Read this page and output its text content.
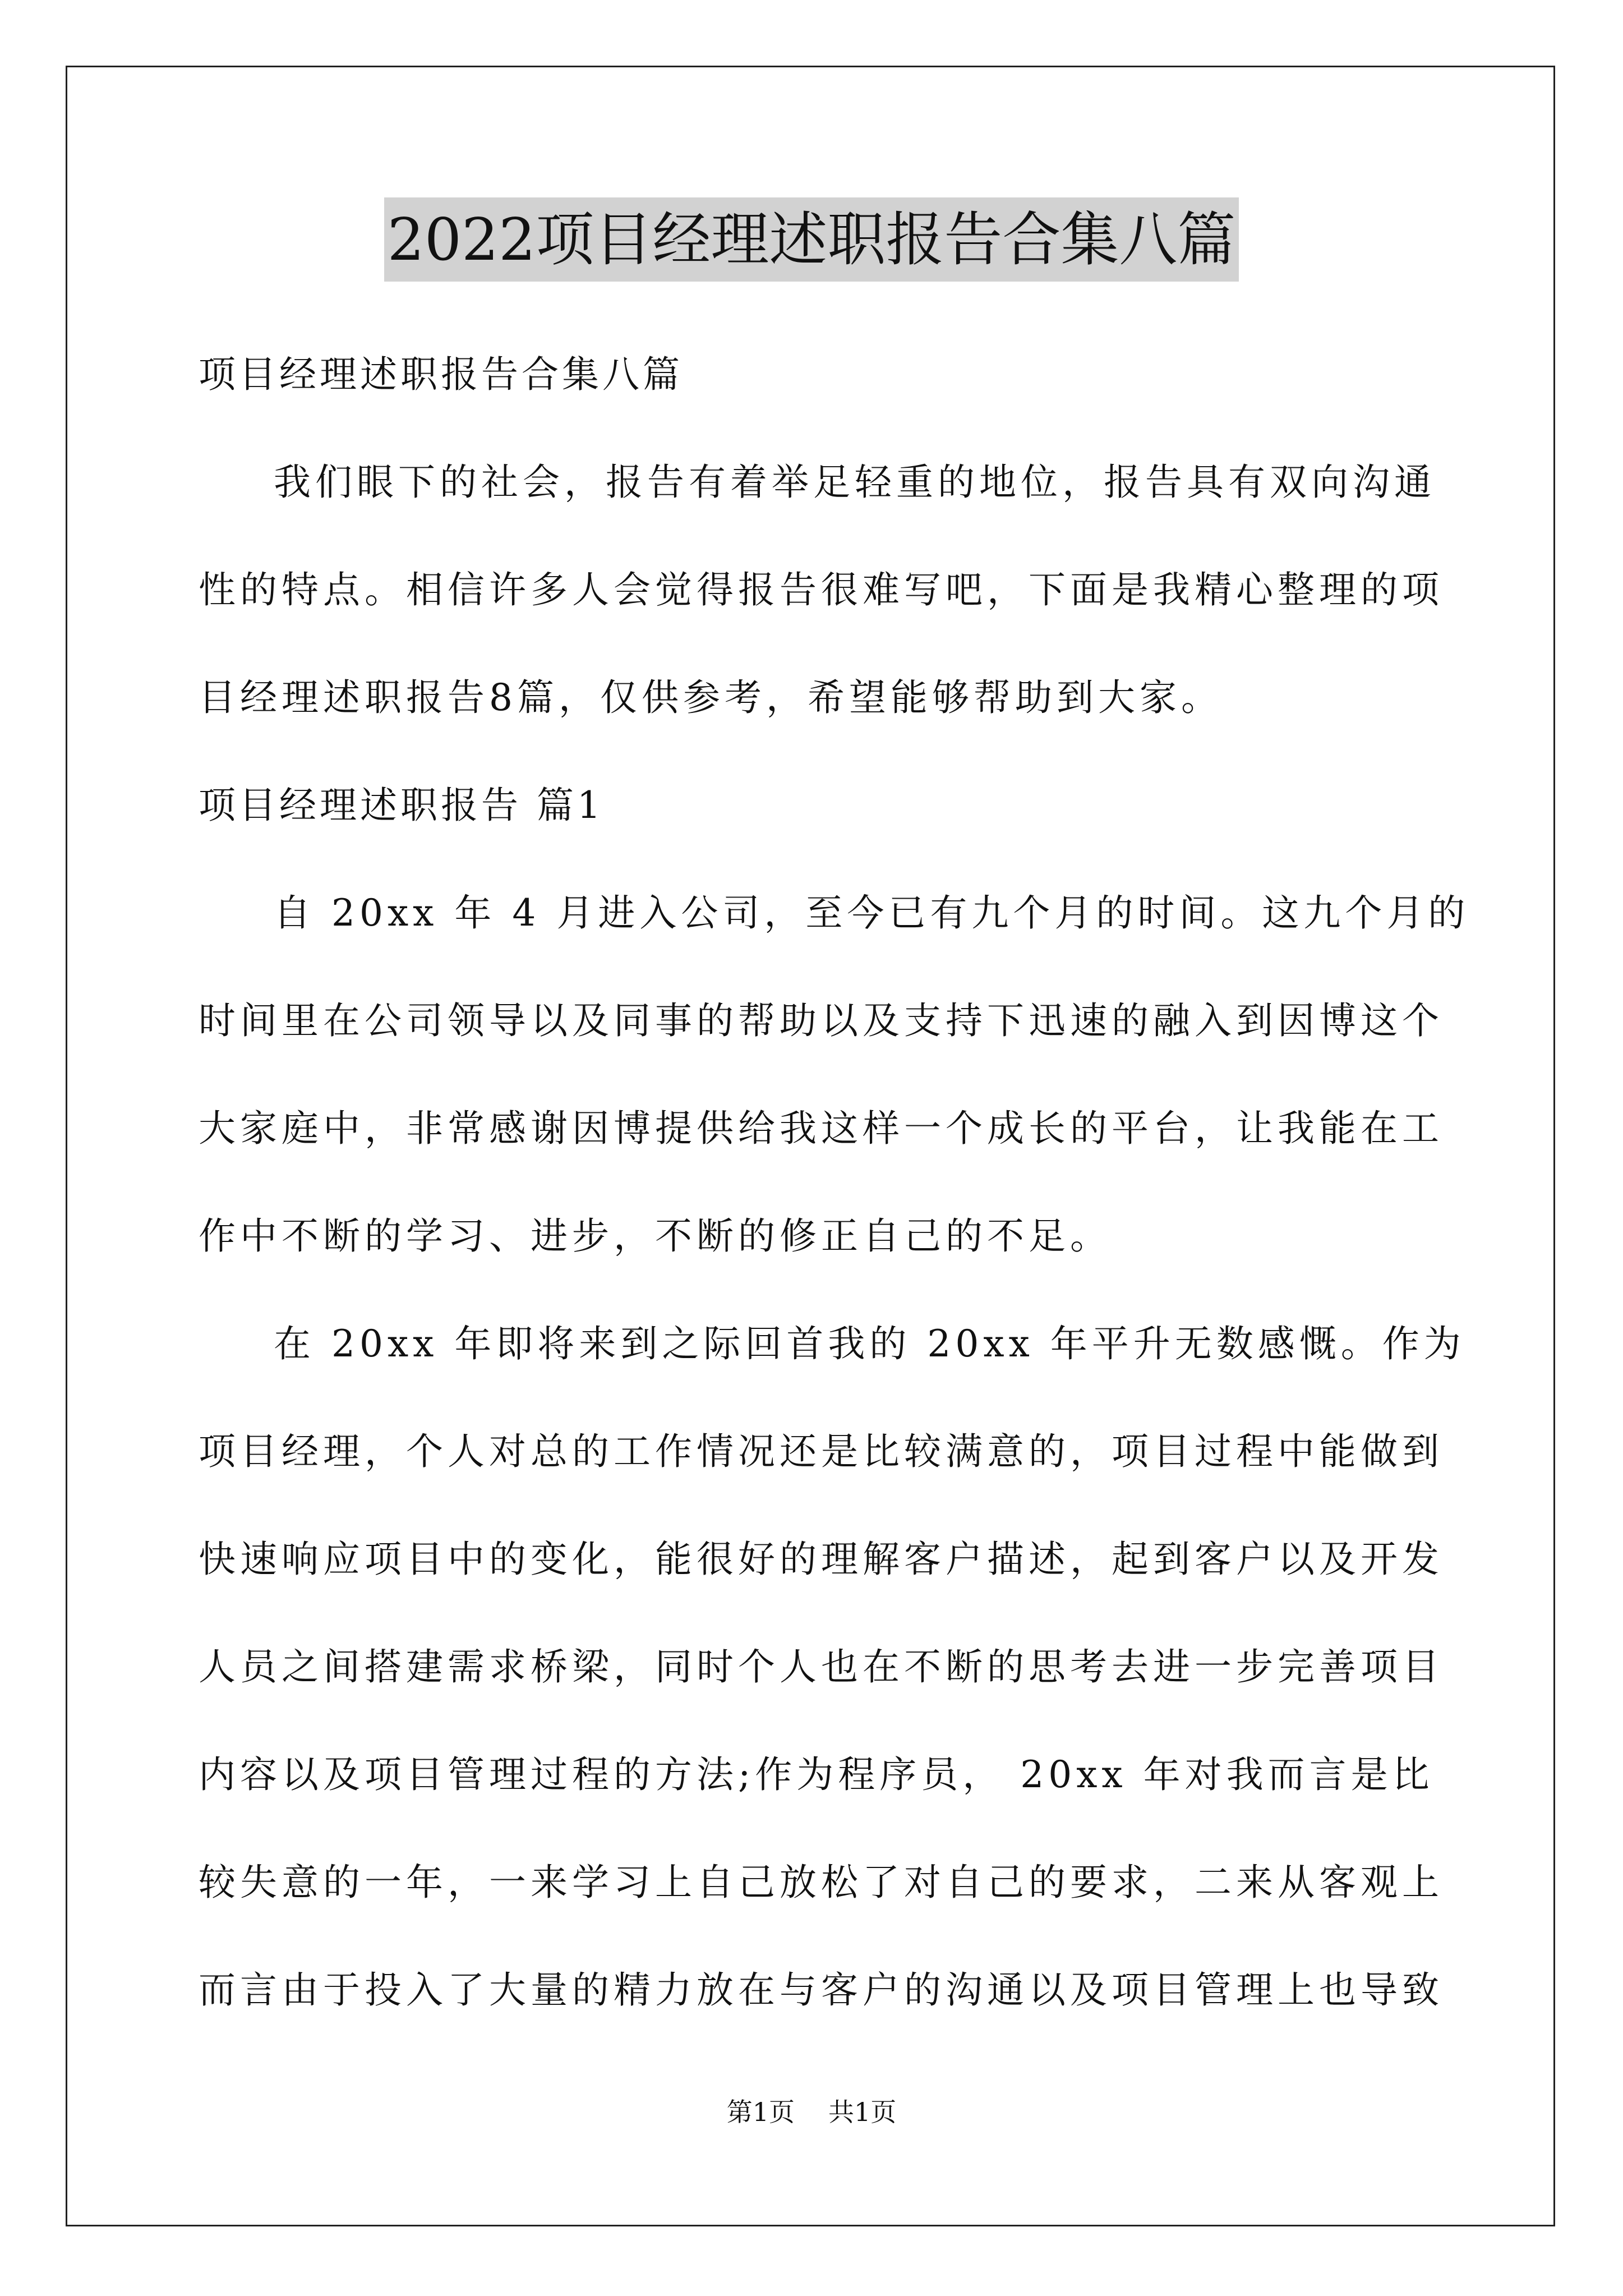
2022项目经理述职报告合集八篇
项目经理述职报告合集八篇
我们眼下的社会，报告有着举足轻重的地位，报告具有双向沟通
性的特点。相信许多人会觉得报告很难写吧，下面是我精心整理的项
目经理述职报告8篇，仅供参考，希望能够帮助到大家。
项目经理述职报告 篇1
自 20xx 年 4 月进入公司，至今已有九个月的时间。这九个月的
时间里在公司领导以及同事的帮助以及支持下迅速的融入到因博这个
大家庭中，非常感谢因博提供给我这样一个成长的平台，让我能在工
作中不断的学习、进步，不断的修正自己的不足。
在 20xx 年即将来到之际回首我的 20xx 年平升无数感慨。作为
项目经理，个人对总的工作情况还是比较满意的，项目过程中能做到
快速响应项目中的变化，能很好的理解客户描述，起到客户以及开发
人员之间搭建需求桥梁，同时个人也在不断的思考去进一步完善项目
内容以及项目管理过程的方法;作为程序员， 20xx 年对我而言是比
较失意的一年，一来学习上自己放松了对自己的要求，二来从客观上
而言由于投入了大量的精力放在与客户的沟通以及项目管理上也导致
第1页 共1页
